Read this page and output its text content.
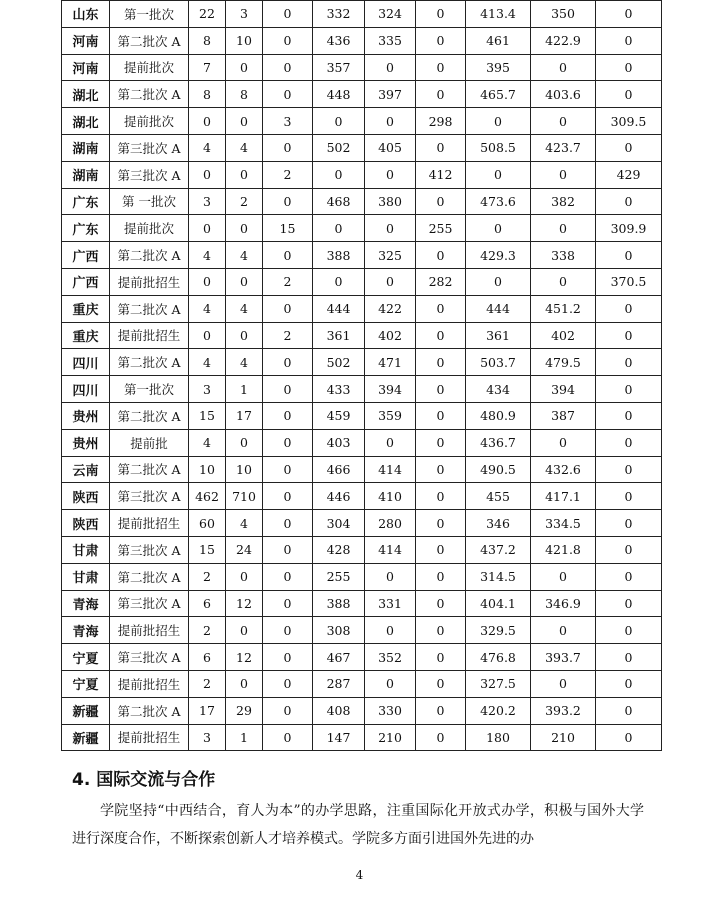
山东	第一批次	22	3	0	332	324	0	413.4	350	0
河南	第二批次 A	8	10	0	436	335	0	461	422.9	0
河南	提前批次	7	0	0	357	0	0	395	0	0
湖北	第二批次 A	8	8	0	448	397	0	465.7	403.6	0
湖北	提前批次	0	0	3	0	0	298	0	0	309.5
湖南	第三批次 A	4	4	0	502	405	0	508.5	423.7	0
湖南	第三批次 A	0	0	2	0	0	412	0	0	429
广东	第 一批次	3	2	0	468	380	0	473.6	382	0
广东	提前批次	0	0	15	0	0	255	0	0	309.9
广西	第二批次 A	4	4	0	388	325	0	429.3	338	0
广西	提前批招生	0	0	2	0	0	282	0	0	370.5
重庆	第二批次 A	4	4	0	444	422	0	444	451.2	0
重庆	提前批招生	0	0	2	361	402	0	361	402	0
四川	第二批次 A	4	4	0	502	471	0	503.7	479.5	0
四川	第一批次	3	1	0	433	394	0	434	394	0
贵州	第二批次 A	15	17	0	459	359	0	480.9	387	0
贵州	提前批	4	0	0	403	0	0	436.7	0	0
云南	第二批次 A	10	10	0	466	414	0	490.5	432.6	0
陕西	第三批次 A	462	710	0	446	410	0	455	417.1	0
陕西	提前批招生	60	4	0	304	280	0	346	334.5	0
甘肃	第三批次 A	15	24	0	428	414	0	437.2	421.8	0
甘肃	第二批次 A	2	0	0	255	0	0	314.5	0	0
青海	第三批次 A	6	12	0	388	331	0	404.1	346.9	0
青海	提前批招生	2	0	0	308	0	0	329.5	0	0
宁夏	第三批次 A	6	12	0	467	352	0	476.8	393.7	0
宁夏	提前批招生	2	0	0	287	0	0	327.5	0	0
新疆	第二批次 A	17	29	0	408	330	0	420.2	393.2	0
新疆	提前批招生	3	1	0	147	210	0	180	210	0
4. 国际交流与合作

学院坚持“中西结合，育人为本”的办学思路，注重国际化开放式办学，积极与国外大学进行深度合作，不断探索创新人才培养模式。学院多方面引进国外先进的办

4
